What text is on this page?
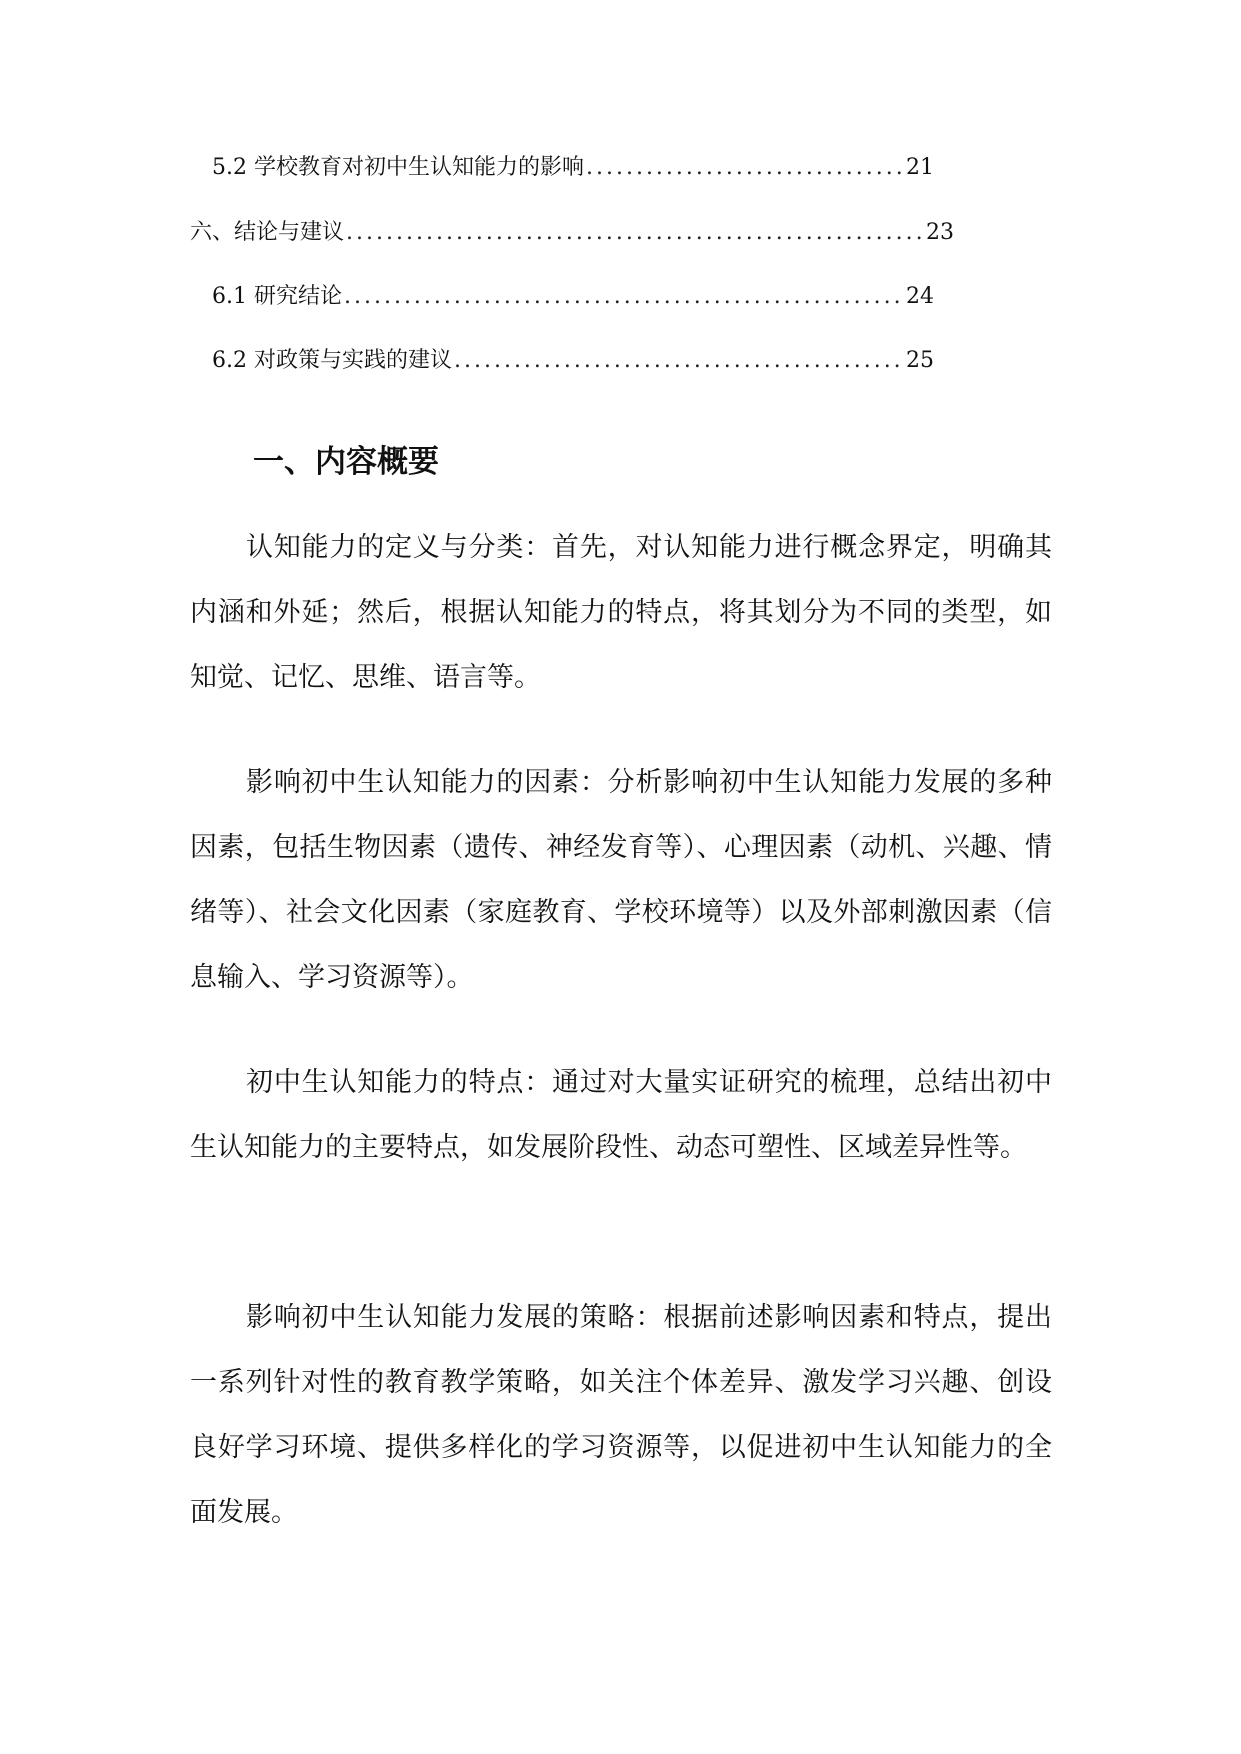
5.2 学校教育对初中生认知能力的影响 .....	21
六、结论与建议 .....	23
6.1 研究结论 .....	24
6.2 对政策与实践的建议 .....	25
一、内容概要

认知能力的定义与分类：首先，对认知能力进行概念界定，明确其内涵和外延；然后，根据认知能力的特点，将其划分为不同的类型，如知觉、记忆、思维、语言等。

影响初中生认知能力的因素：分析影响初中生认知能力发展的多种因素，包括生物因素（遗传、神经发育等）、心理因素（动机、兴趣、情绪等）、社会文化因素（家庭教育、学校环境等）以及外部刺激因素（信息输入、学习资源等）。

初中生认知能力的特点：通过对大量实证研究的梳理，总结出初中生认知能力的主要特点，如发展阶段性、动态可塑性、区域差异性等。

影响初中生认知能力发展的策略：根据前述影响因素和特点，提出一系列针对性的教育教学策略，如关注个体差异、激发学习兴趣、创设良好学习环境、提供多样化的学习资源等，以促进初中生认知能力的全面发展。
